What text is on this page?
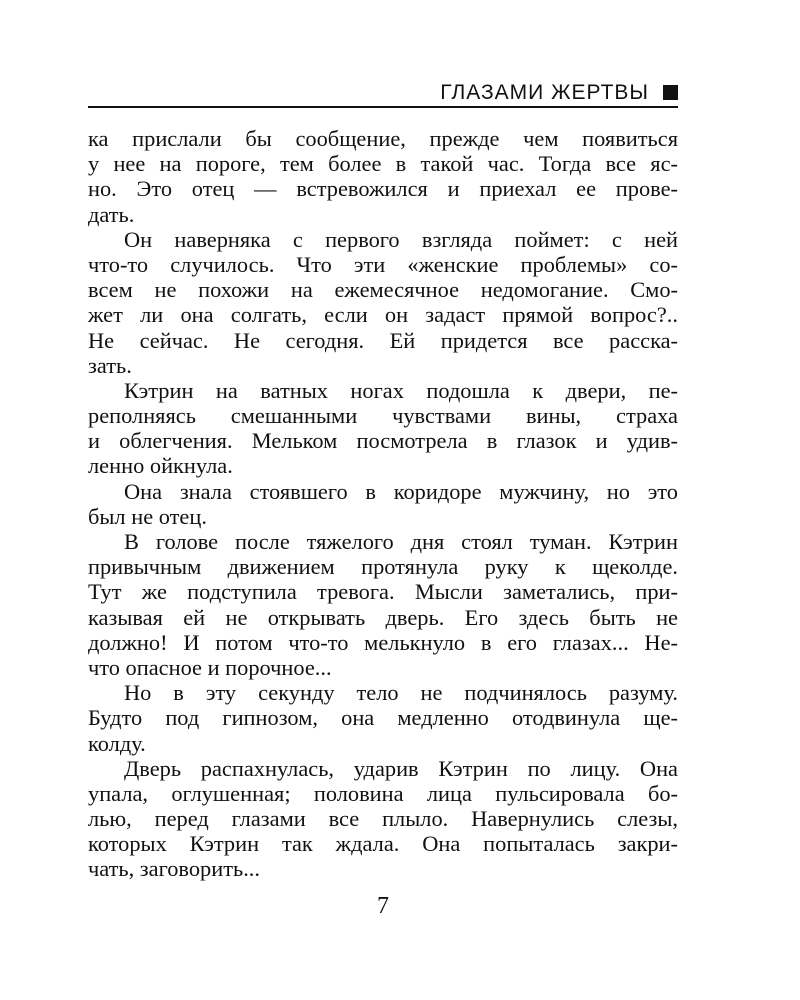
ГЛАЗАМИ ЖЕРТВЫ
ка прислали бы сообщение, прежде чем появиться
у нее на пороге, тем более в такой час. Тогда все яс-
но. Это отец — встревожился и приехал ее прове-
дать.
Он наверняка с первого взгляда поймет: с ней
что-то случилось. Что эти «женские проблемы» со-
всем не похожи на ежемесячное недомогание. Смо-
жет ли она солгать, если он задаст прямой вопрос?..
Не сейчас. Не сегодня. Ей придется все расска-
зать.
Кэтрин на ватных ногах подошла к двери, пе-
реполняясь смешанными чувствами вины, страха
и облегчения. Мельком посмотрела в глазок и удив-
ленно ойкнула.
Она знала стоявшего в коридоре мужчину, но это
был не отец.
В голове после тяжелого дня стоял туман. Кэтрин
привычным движением протянула руку к щеколде.
Тут же подступила тревога. Мысли заметались, при-
казывая ей не открывать дверь. Его здесь быть не
должно! И потом что-то мелькнуло в его глазах... Не-
что опасное и порочное...
Но в эту секунду тело не подчинялось разуму.
Будто под гипнозом, она медленно отодвинула ще-
колду.
Дверь распахнулась, ударив Кэтрин по лицу. Она
упала, оглушенная; половина лица пульсировала бо-
лью, перед глазами все плыло. Навернулись слезы,
которых Кэтрин так ждала. Она попыталась закри-
чать, заговорить...
7
